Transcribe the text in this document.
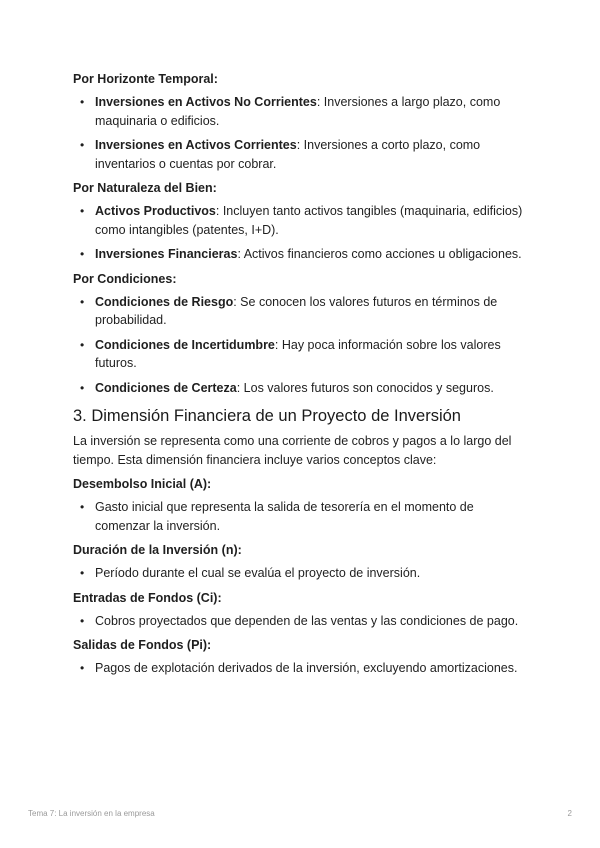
Por Horizonte Temporal:
• Inversiones en Activos No Corrientes: Inversiones a largo plazo, como maquinaria o edificios.
• Inversiones en Activos Corrientes: Inversiones a corto plazo, como inventarios o cuentas por cobrar.
Por Naturaleza del Bien:
• Activos Productivos: Incluyen tanto activos tangibles (maquinaria, edificios) como intangibles (patentes, I+D).
• Inversiones Financieras: Activos financieros como acciones u obligaciones.
Por Condiciones:
• Condiciones de Riesgo: Se conocen los valores futuros en términos de probabilidad.
• Condiciones de Incertidumbre: Hay poca información sobre los valores futuros.
• Condiciones de Certeza: Los valores futuros son conocidos y seguros.
3. Dimensión Financiera de un Proyecto de Inversión

La inversión se representa como una corriente de cobros y pagos a lo largo del tiempo. Esta dimensión financiera incluye varios conceptos clave:

Desembolso Inicial (A):
• Gasto inicial que representa la salida de tesorería en el momento de comenzar la inversión.
Duración de la Inversión (n):
• Período durante el cual se evalúa el proyecto de inversión.
Entradas de Fondos (Ci):
• Cobros proyectados que dependen de las ventas y las condiciones de pago.
Salidas de Fondos (Pi):
• Pagos de explotación derivados de la inversión, excluyendo amortizaciones.
Tema 7: La inversión en la empresa	2
